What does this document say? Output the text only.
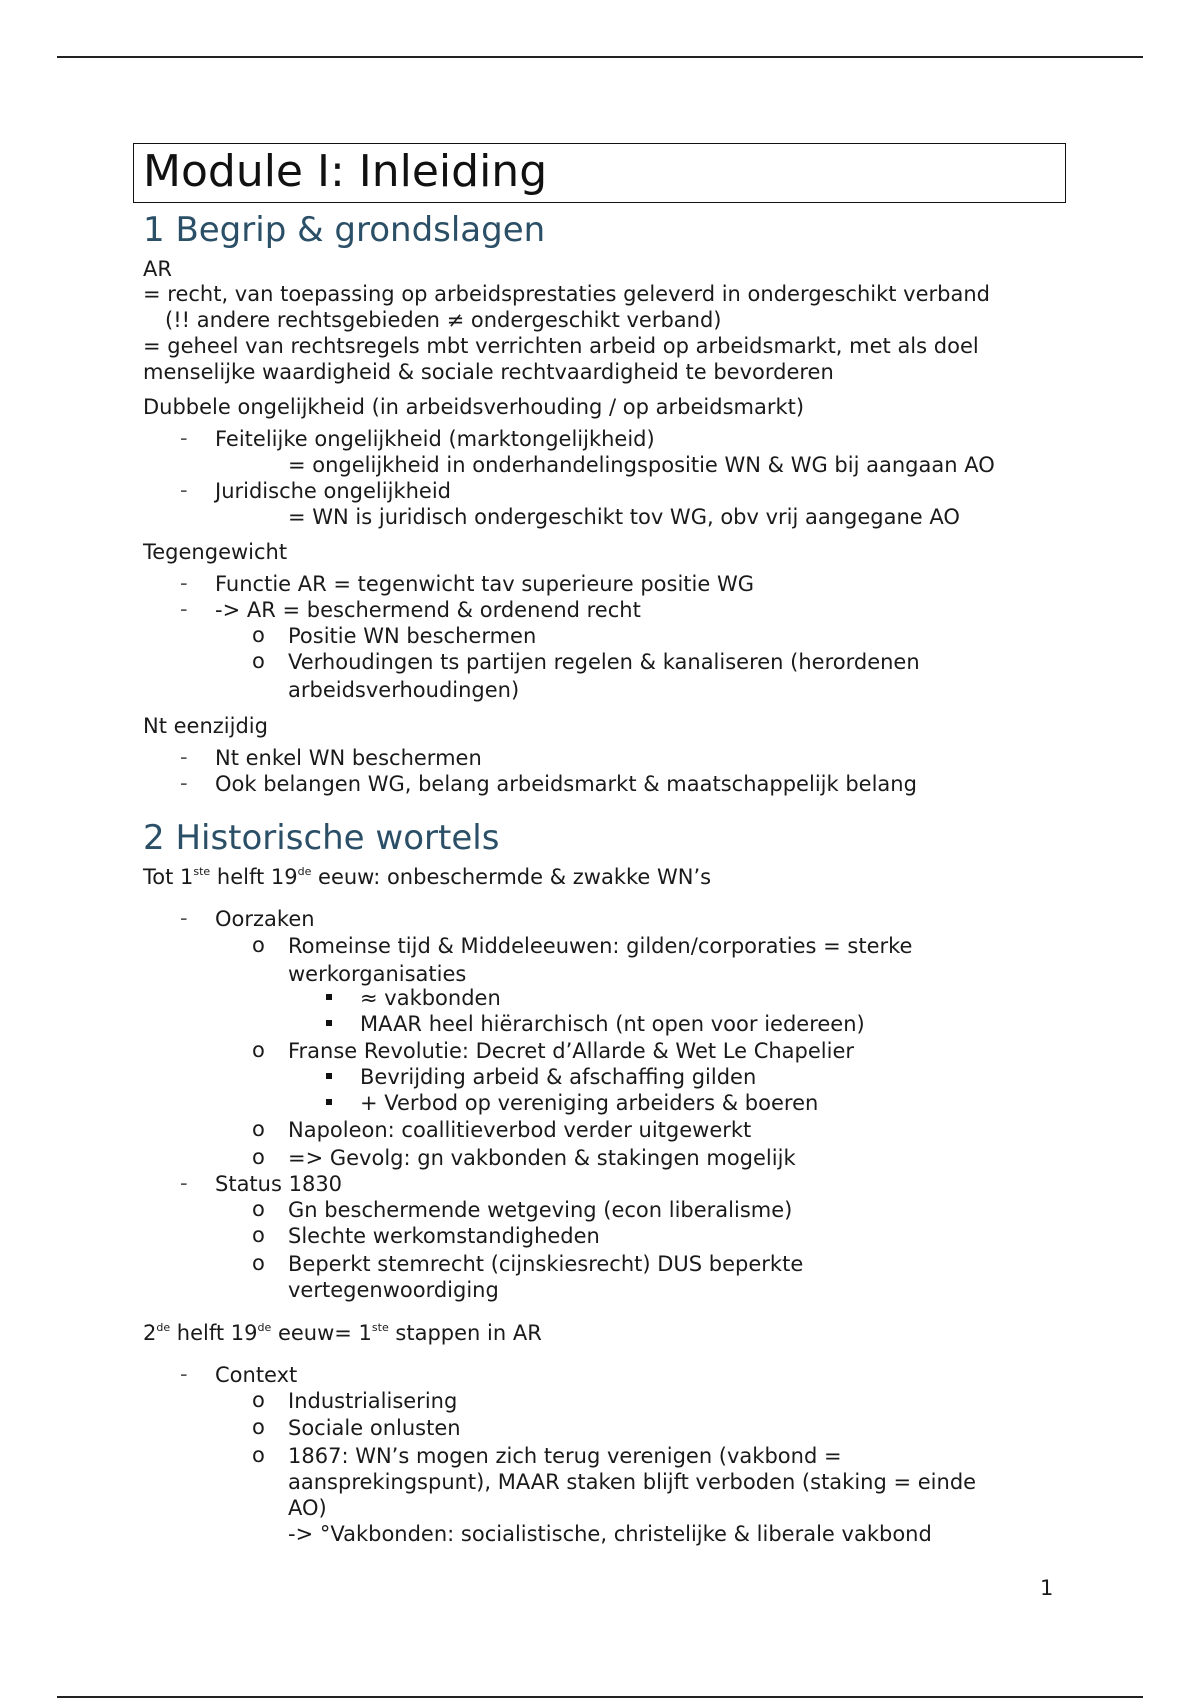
Module I: Inleiding
1 Begrip & grondslagen
AR
= recht, van toepassing op arbeidsprestaties geleverd in ondergeschikt verband
(!! andere rechtsgebieden ≠ ondergeschikt verband)
= geheel van rechtsregels mbt verrichten arbeid op arbeidsmarkt, met als doel
menselijke waardigheid & sociale rechtvaardigheid te bevorderen
Dubbele ongelijkheid (in arbeidsverhouding / op arbeidsmarkt)
- Feitelijke ongelijkheid (marktongelijkheid)
= ongelijkheid in onderhandelingspositie WN & WG bij aangaan AO
- Juridische ongelijkheid
= WN is juridisch ondergeschikt tov WG, obv vrij aangegane AO
Tegengewicht
- Functie AR = tegenwicht tav superieure positie WG
- -> AR = beschermend & ordenend recht
o Positie WN beschermen
o Verhoudingen ts partijen regelen & kanaliseren (herordenen
arbeidsverhoudingen)
Nt eenzijdig
- Nt enkel WN beschermen
- Ook belangen WG, belang arbeidsmarkt & maatschappelijk belang
2 Historische wortels
Tot 1ste helft 19de eeuw: onbeschermde & zwakke WN’s
- Oorzaken
o Romeinse tijd & Middeleeuwen: gilden/corporaties = sterke
werkorganisaties
≈ vakbonden
MAAR heel hiërarchisch (nt open voor iedereen)
o Franse Revolutie: Decret d’Allarde & Wet Le Chapelier
Bevrijding arbeid & afschaffing gilden
+ Verbod op vereniging arbeiders & boeren
o Napoleon: coallitieverbod verder uitgewerkt
o => Gevolg: gn vakbonden & stakingen mogelijk
- Status 1830
o Gn beschermende wetgeving (econ liberalisme)
o Slechte werkomstandigheden
o Beperkt stemrecht (cijnskiesrecht) DUS beperkte
vertegenwoordiging
2de helft 19de eeuw= 1ste stappen in AR
- Context
o Industrialisering
o Sociale onlusten
o 1867: WN’s mogen zich terug verenigen (vakbond =
aansprekingspunt), MAAR staken blijft verboden (staking = einde
AO)
-> °Vakbonden: socialistische, christelijke & liberale vakbond
1
